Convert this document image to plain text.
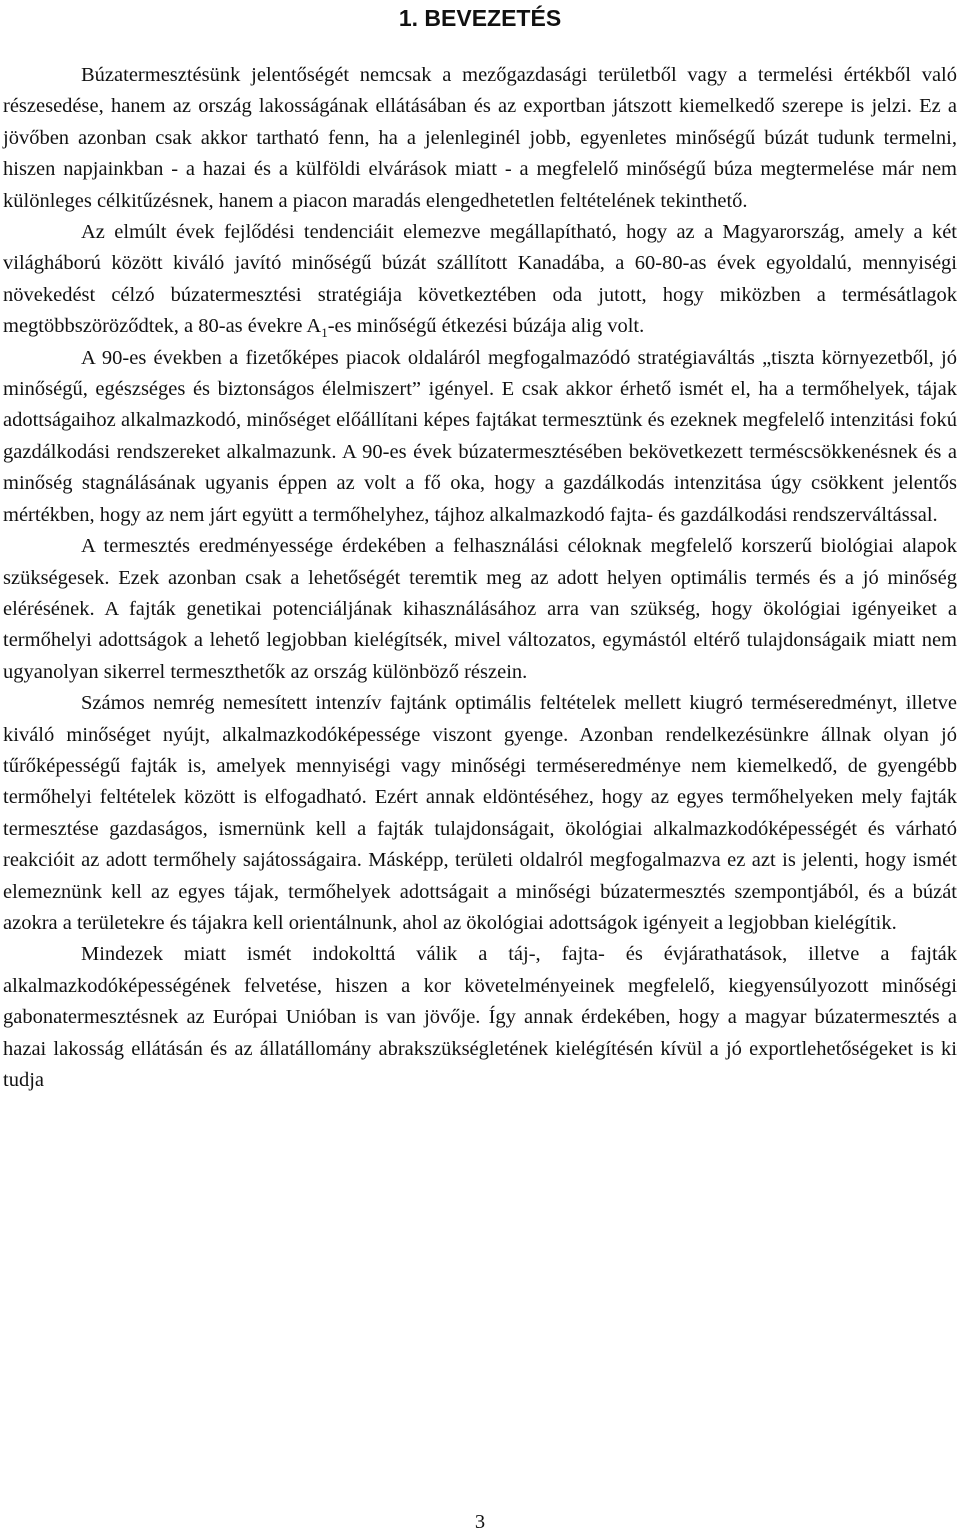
1. BEVEZETÉS

Búzatermesztésünk jelentőségét nemcsak a mezőgazdasági területből vagy a termelési értékből való részesedése, hanem az ország lakosságának ellátásában és az exportban játszott kiemelkedő szerepe is jelzi. Ez a jövőben azonban csak akkor tartható fenn, ha a jelenleginél jobb, egyenletes minőségű búzát tudunk termelni, hiszen napjainkban - a hazai és a külföldi elvárások miatt - a megfelelő minőségű búza megtermelése már nem különleges célkitűzésnek, hanem a piacon maradás elengedhetetlen feltételének tekinthető.

Az elmúlt évek fejlődési tendenciáit elemezve megállapítható, hogy az a Magyarország, amely a két világháború között kiváló javító minőségű búzát szállított Kanadába, a 60-80-as évek egyoldalú, mennyiségi növekedést célzó búzatermesztési stratégiája következtében oda jutott, hogy miközben a termésátlagok megtöbbszöröződtek, a 80-as évekre $A_1-es$ minőségű étkezési búzája alig volt.

A 90-es években a fizetőképes piacok oldaláról megfogalmazódó stratégiaváltás „tiszta környezetből, jó minőségű, egészséges és biztonságos élelmiszert” igényel. E csak akkor érhető ismét el, ha a termőhelyek, tájak adottságaihoz alkalmazkodó, minőséget előállítani képes fajtákat termesztünk és ezeknek megfelelő intenzitási fokú gazdálkodási rendszereket alkalmazunk. A 90-es évek búzatermesztésében bekövetkezett terméscsökkenésnek és a minőség stagnálásának ugyanis éppen az volt a fő oka, hogy a gazdálkodás intenzitása úgy csökkent jelentős mértékben, hogy az nem járt együtt a termőhelyhez, tájhoz alkalmazkodó fajta- és gazdálkodási rendszerváltással.

A termesztés eredményessége érdekében a felhasználási céloknak megfelelő korszerű biológiai alapok szükségesek. Ezek azonban csak a lehetőségét teremtik meg az adott helyen optimális termés és a jó minőség elérésének. A fajták genetikai potenciáljának kihasználásához arra van szükség, hogy ökológiai igényeiket a termőhelyi adottságok a lehető legjobban kielégítsék, mivel változatos, egymástól eltérő tulajdonságaik miatt nem ugyanolyan sikerrel termeszthetők az ország különböző részein.

Számos nemrég nemesített intenzív fajtánk optimális feltételek mellett kiugró terméseredményt, illetve kiváló minőséget nyújt, alkalmazkodóképessége viszont gyenge. Azonban rendelkezésünkre állnak olyan jó tűrőképességű fajták is, amelyek mennyiségi vagy minőségi terméseredménye nem kiemelkedő, de gyengébb termőhelyi feltételek között is elfogadható. Ezért annak eldöntéséhez, hogy az egyes termőhelyeken mely fajták termesztése gazdaságos, ismernünk kell a fajták tulajdonságait, ökológiai alkalmazkodóképességét és várható reakcióit az adott termőhely sajátosságaira. Másképp, területi oldalról megfogalmazva ez azt is jelenti, hogy ismét elemeznünk kell az egyes tájak, termőhelyek adottságait a minőségi búzatermesztés szempontjából, és a búzát azokra a területekre és tájakra kell orientálnunk, ahol az ökológiai adottságok igényeit a legjobban kielégítik.

Mindezek miatt ismét indokolttá válik a táj-, fajta- és évjárathatások, illetve a fajták alkalmazkodóképességének felvetése, hiszen a kor követelményeinek megfelelő, kiegyensúlyozott minőségi gabonatermesztésnek az Európai Unióban is van jövője. Így annak érdekében, hogy a magyar búzatermesztés a hazai lakosság ellátásán és az állatállomány abrakszükségletének kielégítésén kívül a jó exportlehetőségeket is ki tudja

3
